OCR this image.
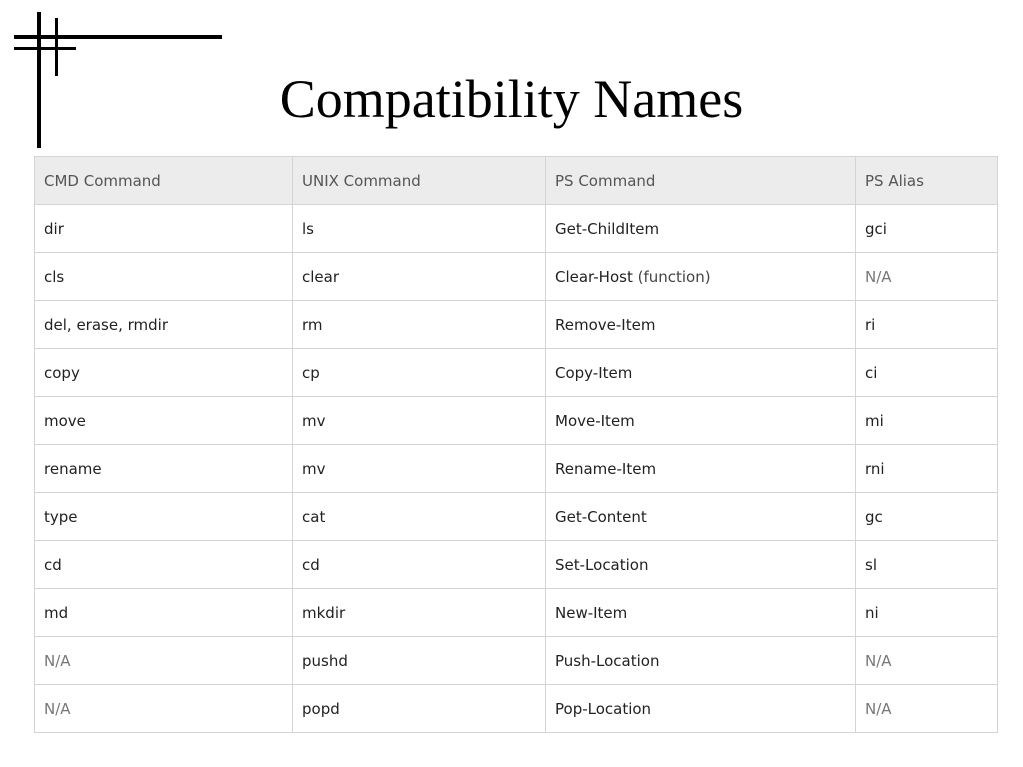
Compatibility Names
CMD Command	UNIX Command	PS Command	PS Alias
dir	ls	Get-ChildItem	gci
cls	clear	Clear-Host (function)	N/A
del, erase, rmdir	rm	Remove-Item	ri
copy	cp	Copy-Item	ci
move	mv	Move-Item	mi
rename	mv	Rename-Item	rni
type	cat	Get-Content	gc
cd	cd	Set-Location	sl
md	mkdir	New-Item	ni
N/A	pushd	Push-Location	N/A
N/A	popd	Pop-Location	N/A
